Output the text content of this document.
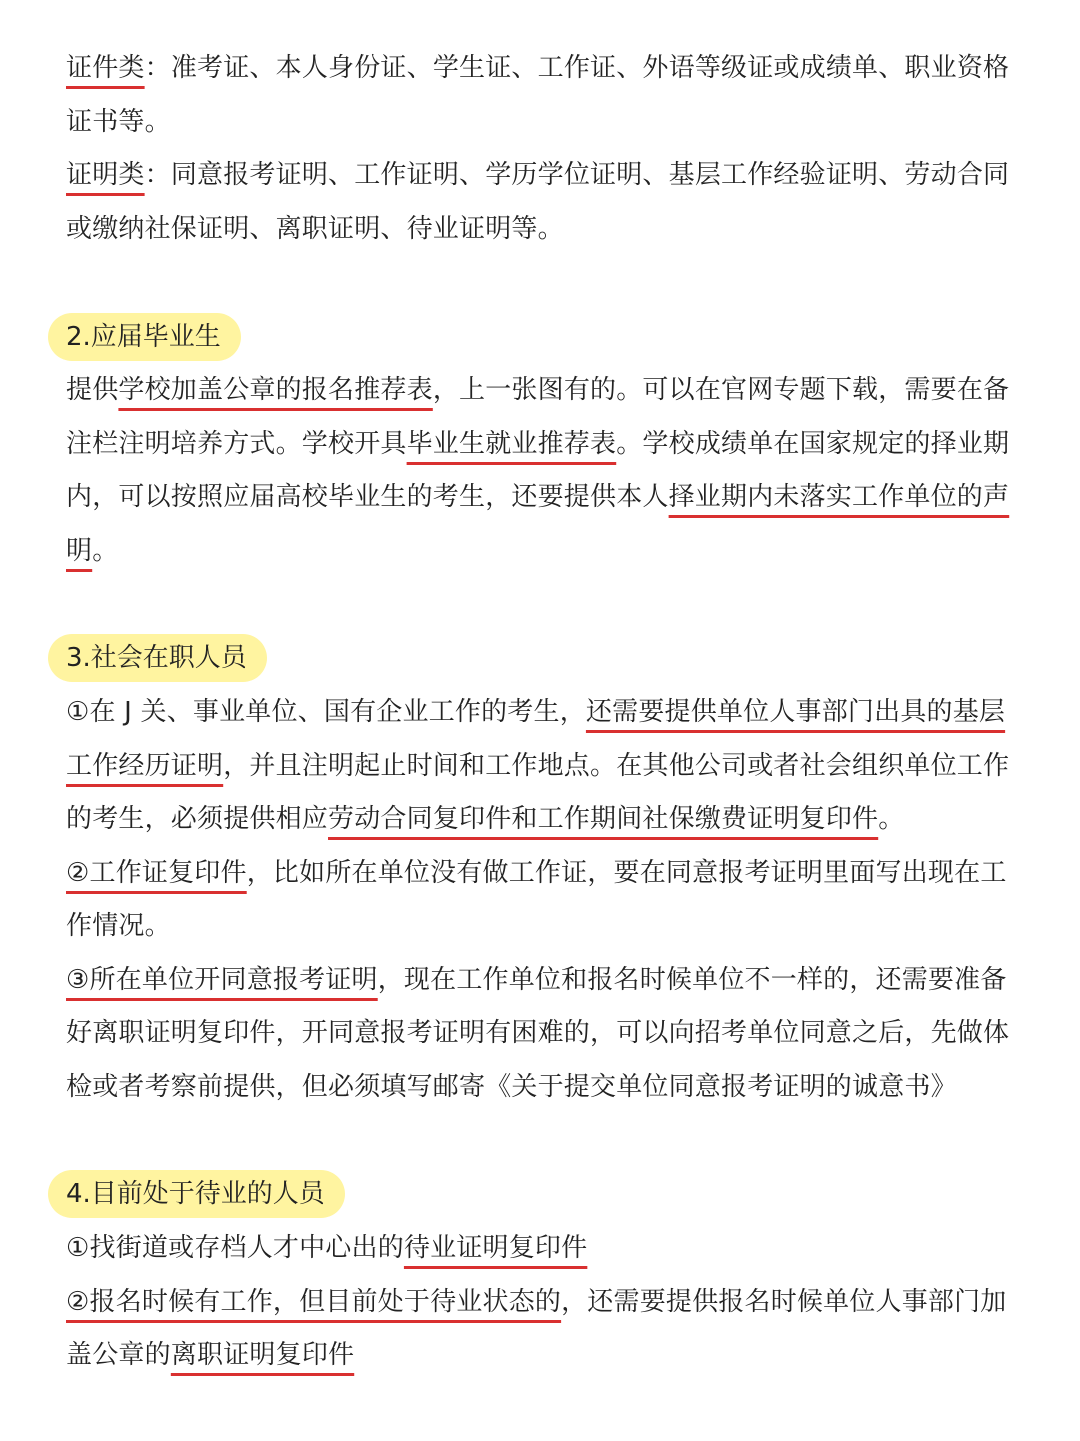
证件类：准考证、本人身份证、学生证、工作证、外语等级证或成绩单、职业资格证书等。
证明类：同意报考证明、工作证明、学历学位证明、基层工作经验证明、劳动合同或缴纳社保证明、离职证明、待业证明等。
2.应届毕业生
提供学校加盖公章的报名推荐表，上一张图有的。可以在官网专题下载，需要在备注栏注明培养方式。学校开具毕业生就业推荐表。学校成绩单在国家规定的择业期内，可以按照应届高校毕业生的考生，还要提供本人择业期内未落实工作单位的声明。
3.社会在职人员
①在 J 关、事业单位、国有企业工作的考生，还需要提供单位人事部门出具的基层工作经历证明，并且注明起止时间和工作地点。在其他公司或者社会组织单位工作的考生，必须提供相应劳动合同复印件和工作期间社保缴费证明复印件。
②工作证复印件，比如所在单位没有做工作证，要在同意报考证明里面写出现在工作情况。
③所在单位开同意报考证明，现在工作单位和报名时候单位不一样的，还需要准备好离职证明复印件，开同意报考证明有困难的，可以向招考单位同意之后，先做体检或者考察前提供，但必须填写邮寄《关于提交单位同意报考证明的诚意书》
4.目前处于待业的人员
①找街道或存档人才中心出的待业证明复印件
②报名时候有工作，但目前处于待业状态的，还需要提供报名时候单位人事部门加盖公章的离职证明复印件
